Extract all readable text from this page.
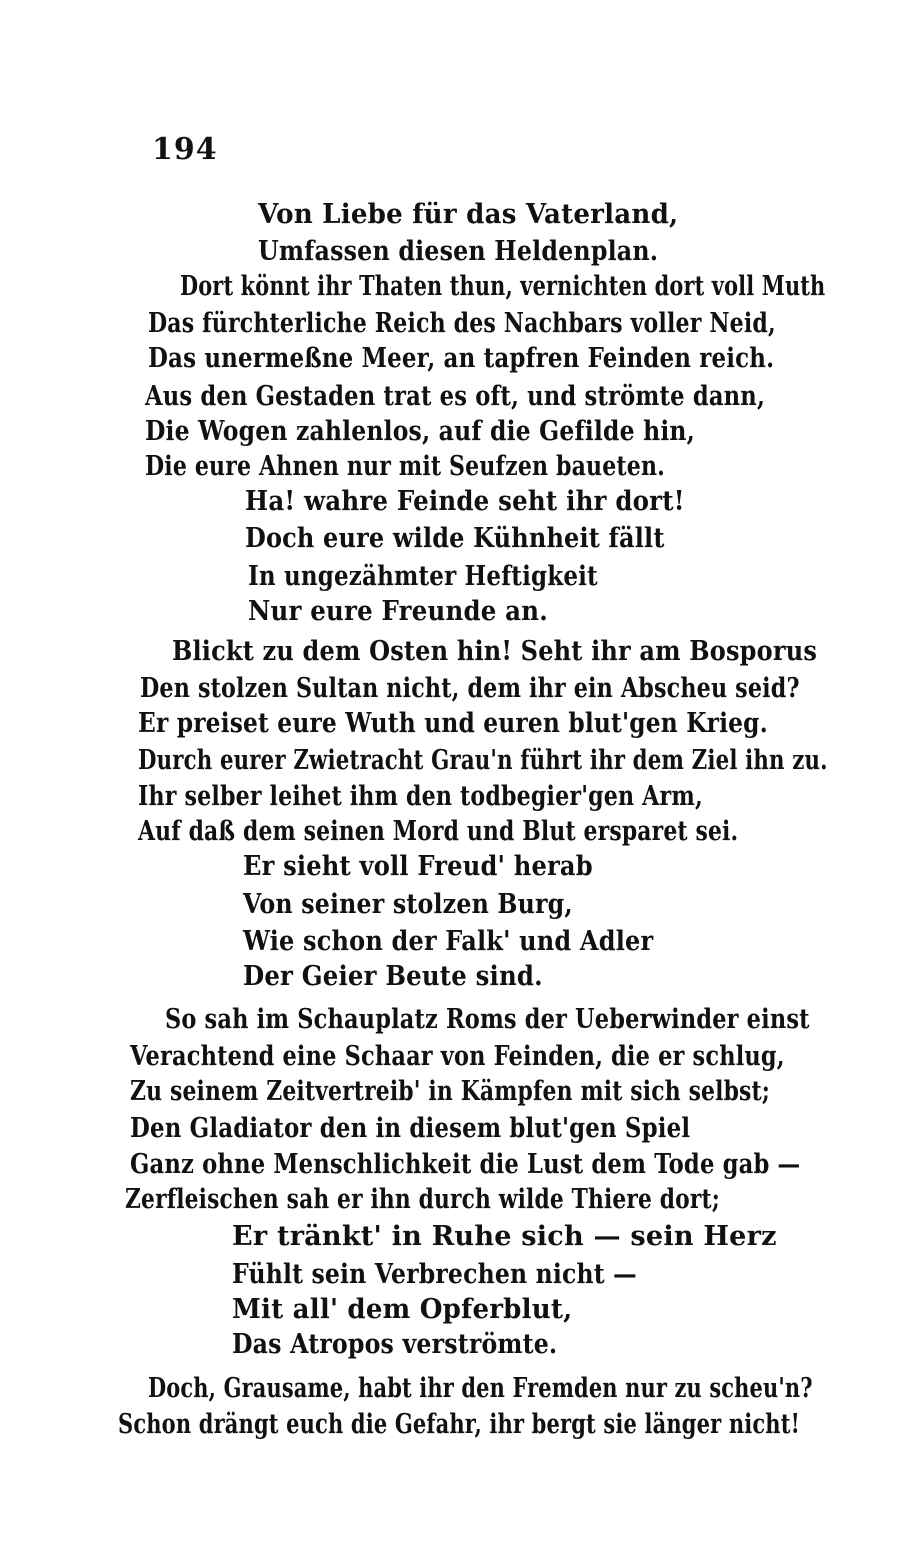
194
Von Liebe für das Vaterland,
Umfassen diesen Heldenplan.
Dort könnt ihr Thaten thun, vernichten dort voll Muth
Das fürchterliche Reich des Nachbars voller Neid,
Das unermeßne Meer, an tapfren Feinden reich.
Aus den Gestaden trat es oft, und strömte dann,
Die Wogen zahlenlos, auf die Gefilde hin,
Die eure Ahnen nur mit Seufzen baueten.
Ha! wahre Feinde seht ihr dort!
Doch eure wilde Kühnheit fällt
In ungezähmter Heftigkeit
Nur eure Freunde an.
Blickt zu dem Osten hin! Seht ihr am Bosporus
Den stolzen Sultan nicht, dem ihr ein Abscheu seid?
Er preiset eure Wuth und euren blut'gen Krieg.
Durch eurer Zwietracht Grau'n führt ihr dem Ziel ihn zu.
Ihr selber leihet ihm den todbegier'gen Arm,
Auf daß dem seinen Mord und Blut ersparet sei.
Er sieht voll Freud' herab
Von seiner stolzen Burg,
Wie schon der Falk' und Adler
Der Geier Beute sind.
So sah im Schauplatz Roms der Ueberwinder einst
Verachtend eine Schaar von Feinden, die er schlug,
Zu seinem Zeitvertreib' in Kämpfen mit sich selbst;
Den Gladiator den in diesem blut'gen Spiel
Ganz ohne Menschlichkeit die Lust dem Tode gab —
Zerfleischen sah er ihn durch wilde Thiere dort;
Er tränkt' in Ruhe sich — sein Herz
Fühlt sein Verbrechen nicht —
Mit all' dem Opferblut,
Das Atropos verströmte.
Doch, Grausame, habt ihr den Fremden nur zu scheu'n?
Schon drängt euch die Gefahr, ihr bergt sie länger nicht!
